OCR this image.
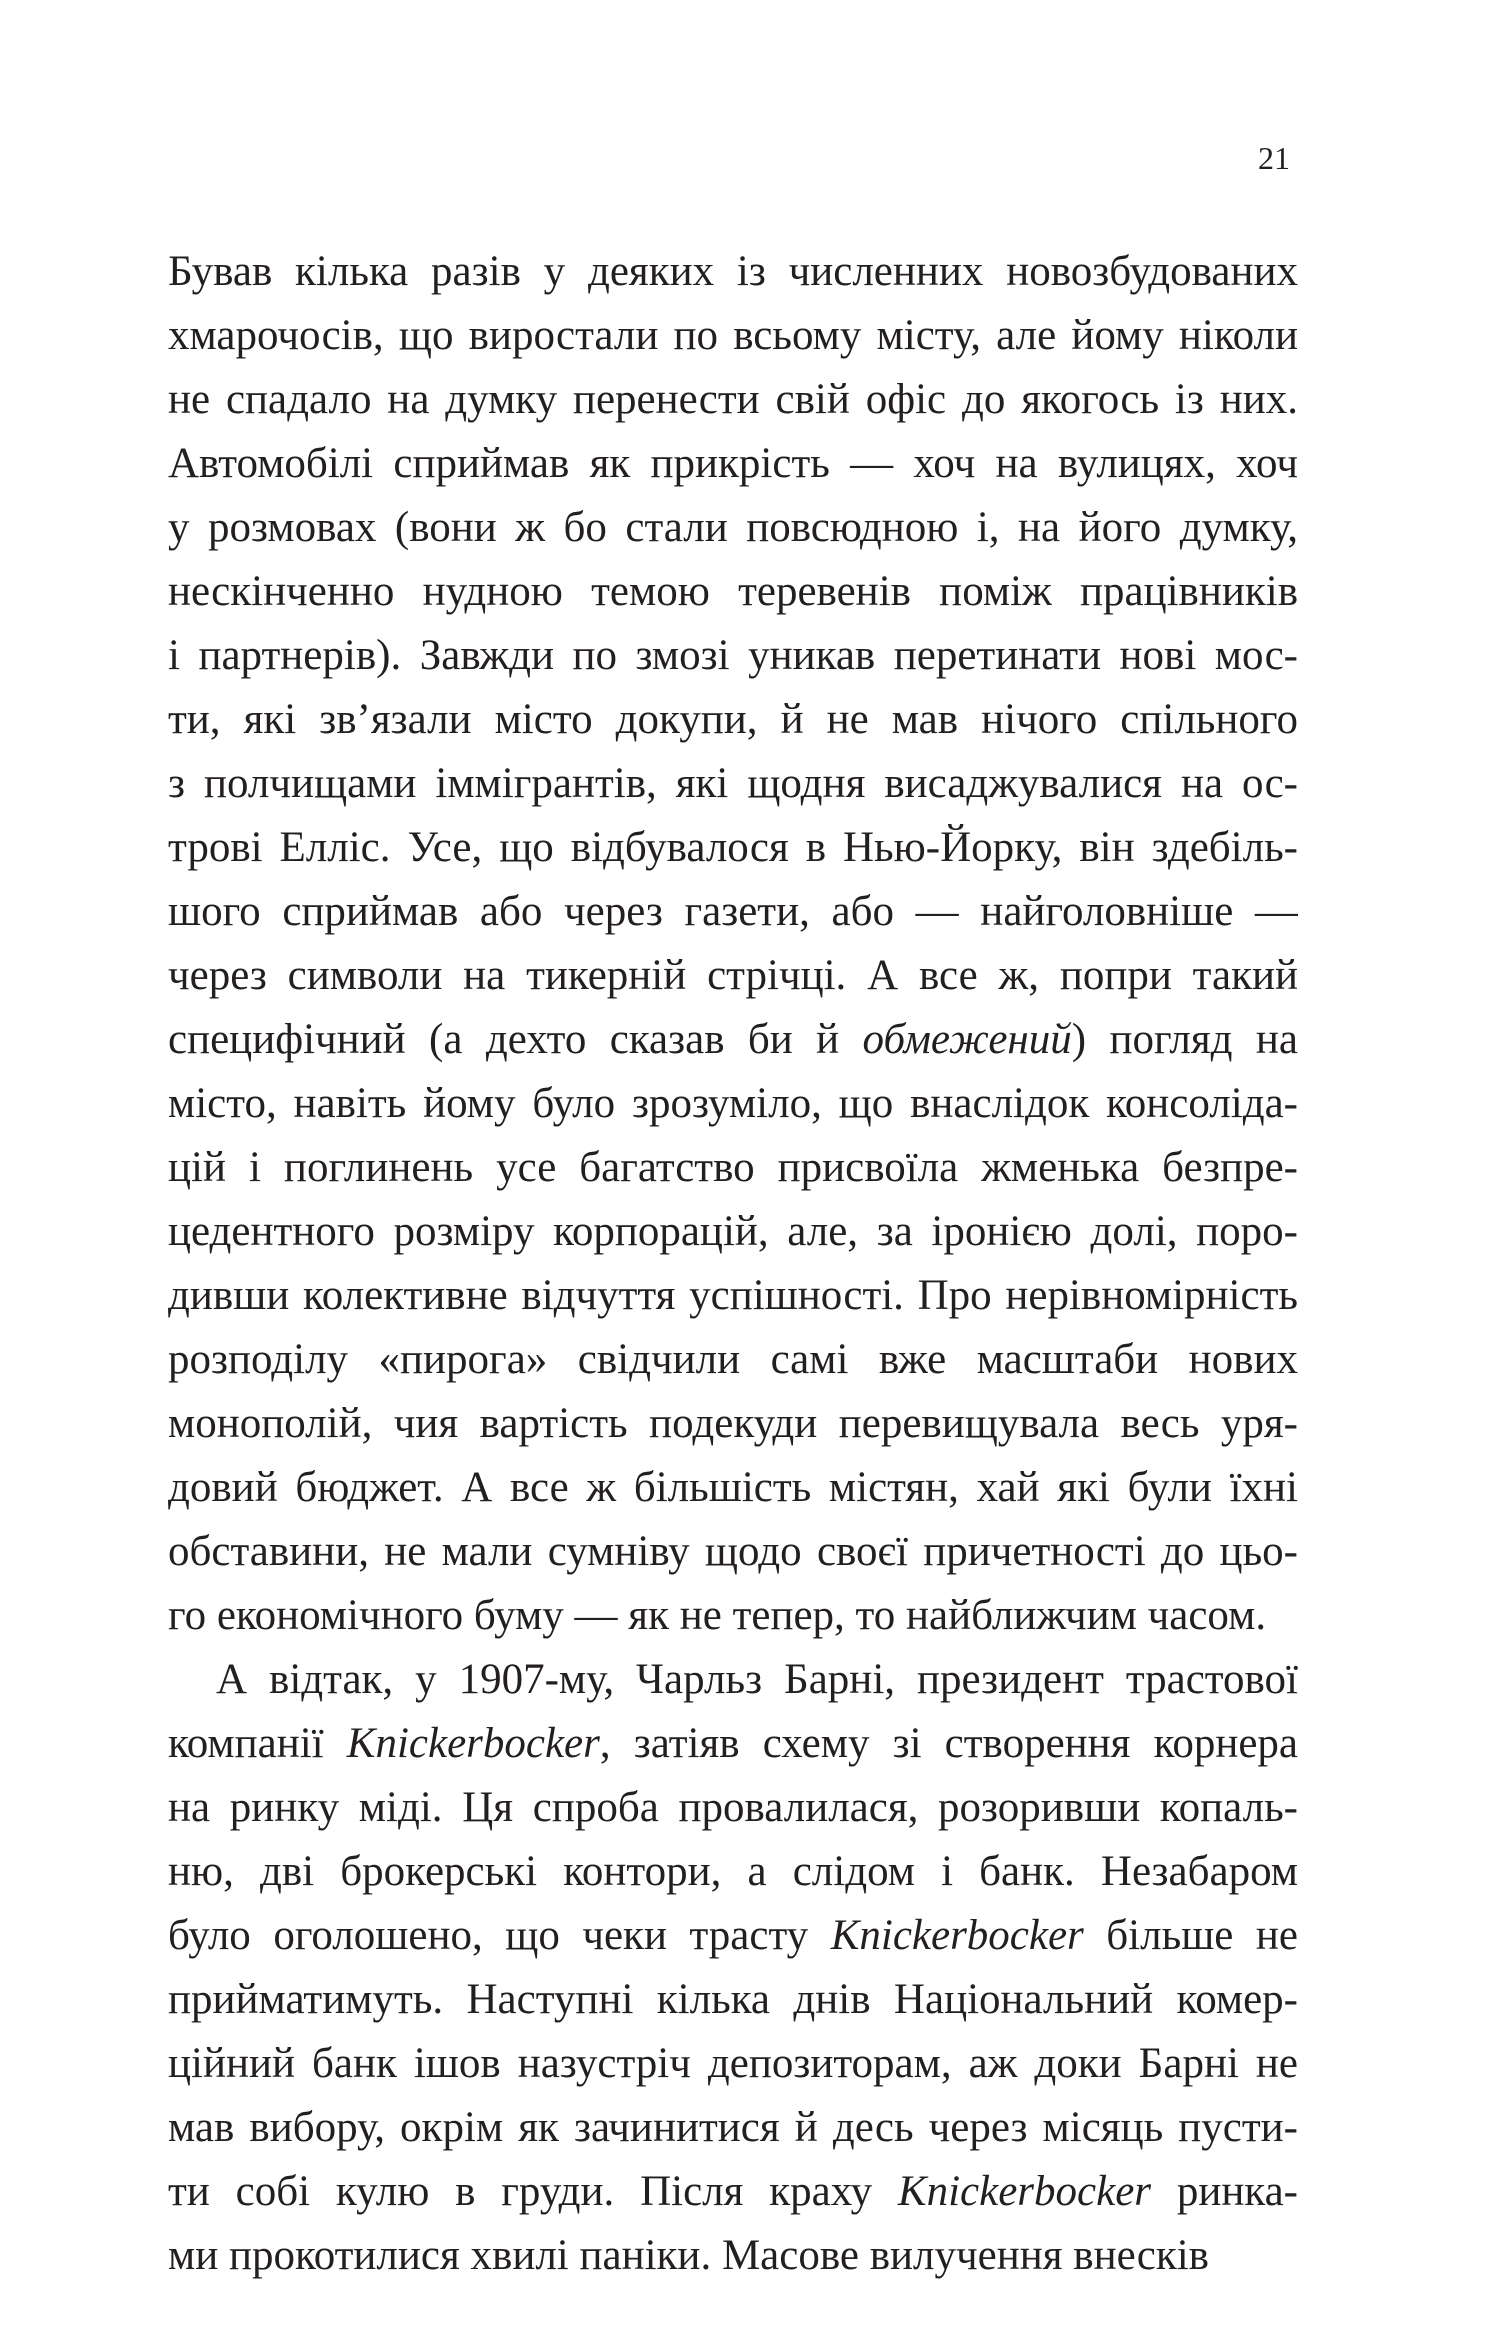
21
Бував кілька разів у деяких із численних новозбудованих
хмарочосів, що виростали по всьому місту, але йому ніколи
не спадало на думку перенести свій офіс до якогось із них.
Автомобілі сприймав як прикрість — хоч на вулицях, хоч
у розмовах (вони ж бо стали повсюдною і, на його думку,
нескінченно нудною темою теревенів поміж працівників
і партнерів). Завжди по змозі уникав перетинати нові мос-
ти, які зв’язали місто докупи, й не мав нічого спільного
з полчищами іммігрантів, які щодня висаджувалися на ос-
трові Елліс. Усе, що відбувалося в Нью-Йорку, він здебіль-
шого сприймав або через газети, або — найголовніше —
через символи на тикерній стрічці. А все ж, попри такий
специфічний (а дехто сказав би й обмежений) погляд на
місто, навіть йому було зрозуміло, що внаслідок консоліда-
цій і поглинень усе багатство присвоїла жменька безпре-
цедентного розміру корпорацій, але, за іронією долі, поро-
дивши колективне відчуття успішності. Про нерівномірність
розподілу «пирога» свідчили самі вже масштаби нових
монополій, чия вартість подекуди перевищувала весь уря-
довий бюджет. А все ж більшість містян, хай які були їхні
обставини, не мали сумніву щодо своєї причетності до цьо-
го економічного буму — як не тепер, то найближчим часом.
А відтак, у 1907-му, Чарльз Барні, президент трастової
компанії Knickerbocker, затіяв схему зі створення корнера
на ринку міді. Ця спроба провалилася, розоривши копаль-
ню, дві брокерські контори, а слідом і банк. Незабаром
було оголошено, що чеки трасту Knickerbocker більше не
прийматимуть. Наступні кілька днів Національний комер-
ційний банк ішов назустріч депозиторам, аж доки Барні не
мав вибору, окрім як зачинитися й десь через місяць пусти-
ти собі кулю в груди. Після краху Knickerbocker ринка-
ми прокотилися хвилі паніки. Масове вилучення внесків
